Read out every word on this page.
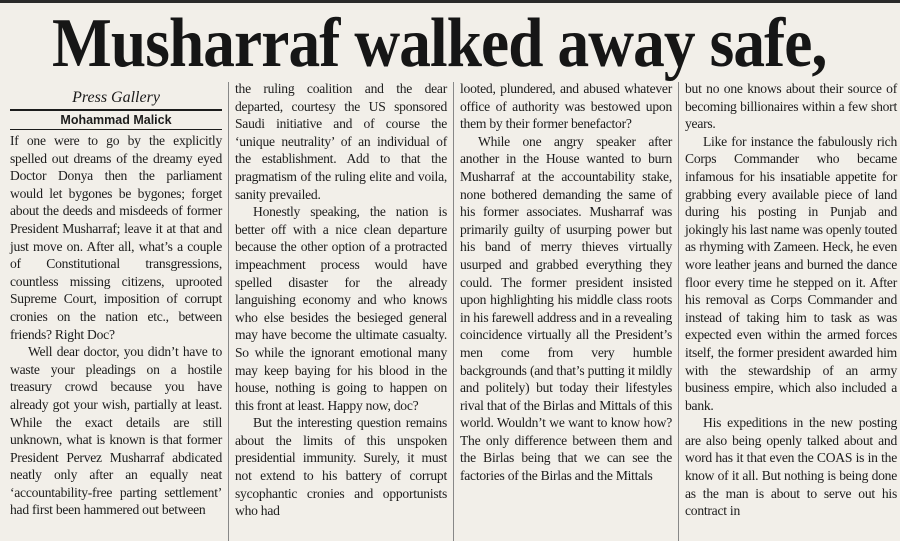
Musharraf walked away safe,
Press Gallery
Mohammad Malick

If one were to go by the explicitly spelled out dreams of the dreamy eyed Doctor Donya then the parliament would let bygones be bygones; forget about the deeds and misdeeds of former President Musharraf; leave it at that and just move on. After all, what’s a couple of Constitutional transgressions, countless missing citizens, uprooted Supreme Court, imposition of corrupt cronies on the nation etc., between friends? Right Doc?

Well dear doctor, you didn’t have to waste your pleadings on a hostile treasury crowd because you have already got your wish, partially at least. While the exact details are still unknown, what is known is that former President Pervez Musharraf abdicated neatly only after an equally neat ‘accountability-free parting settlement’ had first been hammered out between

the ruling coalition and the dear departed, courtesy the US sponsored Saudi initiative and of course the ‘unique neutrality’ of an individual of the establishment. Add to that the pragmatism of the ruling elite and voila, sanity prevailed.

Honestly speaking, the nation is better off with a nice clean departure because the other option of a protracted impeachment process would have spelled disaster for the already languishing economy and who knows who else besides the besieged general may have become the ultimate casualty. So while the ignorant emotional many may keep baying for his blood in the house, nothing is going to happen on this front at least. Happy now, doc?

But the interesting question remains about the limits of this unspoken presidential immunity. Surely, it must not extend to his battery of corrupt sycophantic cronies and opportunists who had

looted, plundered, and abused whatever office of authority was bestowed upon them by their former benefactor?

While one angry speaker after another in the House wanted to burn Musharraf at the accountability stake, none bothered demanding the same of his former associates. Musharraf was primarily guilty of usurping power but his band of merry thieves virtually usurped and grabbed everything they could. The former president insisted upon highlighting his middle class roots in his farewell address and in a revealing coincidence virtually all the President’s men come from very humble backgrounds (and that’s putting it mildly and politely) but today their lifestyles rival that of the Birlas and Mittals of this world. Wouldn’t we want to know how? The only difference between them and the Birlas being that we can see the factories of the Birlas and the Mittals

but no one knows about their source of becoming billionaires within a few short years.

Like for instance the fabulously rich Corps Commander who became infamous for his insatiable appetite for grabbing every available piece of land during his posting in Punjab and jokingly his last name was openly touted as rhyming with Zameen. Heck, he even wore leather jeans and burned the dance floor every time he stepped on it. After his removal as Corps Commander and instead of taking him to task as was expected even within the armed forces itself, the former president awarded him with the stewardship of an army business empire, which also included a bank.

His expeditions in the new posting are also being openly talked about and word has it that even the COAS is in the know of it all. But nothing is being done as the man is about to serve out his contract in
